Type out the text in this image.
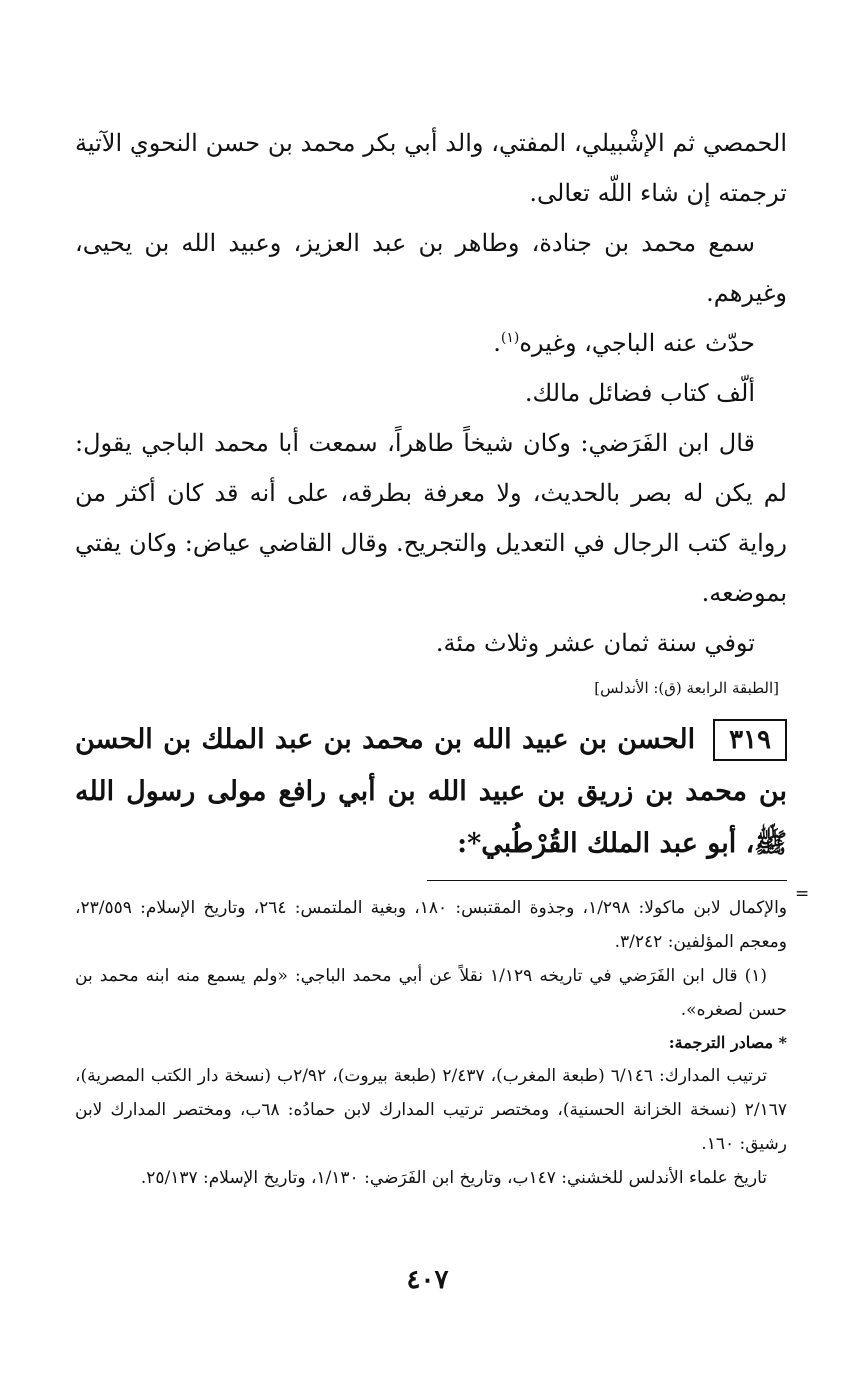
الحمصي ثم الإشْبيلي، المفتي، والد أبي بكر محمد بن حسن النحوي الآتية ترجمته إن شاء اللّه تعالى.

سمع محمد بن جنادة، وطاهر بن عبد العزيز، وعبيد الله بن يحيى، وغيرهم.

حدّث عنه الباجي، وغيره$^{(١)}$.

ألّف كتاب فضائل مالك.

قال ابن الفَرَضي: وكان شيخاً طاهراً، سمعت أبا محمد الباجي يقول: لم يكن له بصر بالحديث، ولا معرفة بطرقه، على أنه قد كان أكثر من رواية كتب الرجال في التعديل والتجريح. وقال القاضي عياض: وكان يفتي بموضعه.

توفي سنة ثمان عشر وثلاث مئة.

[الطبقة الرابعة (ق): الأندلس]
٣١٩الحسن بن عبيد الله بن محمد بن عبد الملك بن الحسن بن محمد بن زريق بن عبيد الله بن أبي رافع مولى رسول الله ﷺ، أبو عبد الملك القُرْطُبي*:

والإكمال لابن ماكولا: ١/٢٩٨، وجذوة المقتبس: ١٨٠، وبغية الملتمس: ٢٦٤، وتاريخ الإسلام: ٢٣/٥٥٩، ومعجم المؤلفين: ٣/٢٤٢.

(١) قال ابن الفَرَضي في تاريخه ١/١٢٩ نقلاً عن أبي محمد الباجي: «ولم يسمع منه ابنه محمد بن حسن لصغره».

* مصادر الترجمة:

ترتيب المدارك: ٦/١٤٦ (طبعة المغرب)، ٢/٤٣٧ (طبعة بيروت)، ٢/٩٢ب (نسخة دار الكتب المصرية)، ٢/١٦٧ (نسخة الخزانة الحسنية)، ومختصر ترتيب المدارك لابن حمادُه: ٦٨ب، ومختصر المدارك لابن رشيق: ١٦٠.

تاريخ علماء الأندلس للخشني: ١٤٧ب، وتاريخ ابن الفَرَضي: ١/١٣٠، وتاريخ الإسلام: ٢٥/١٣٧.

=
٤٠٧
